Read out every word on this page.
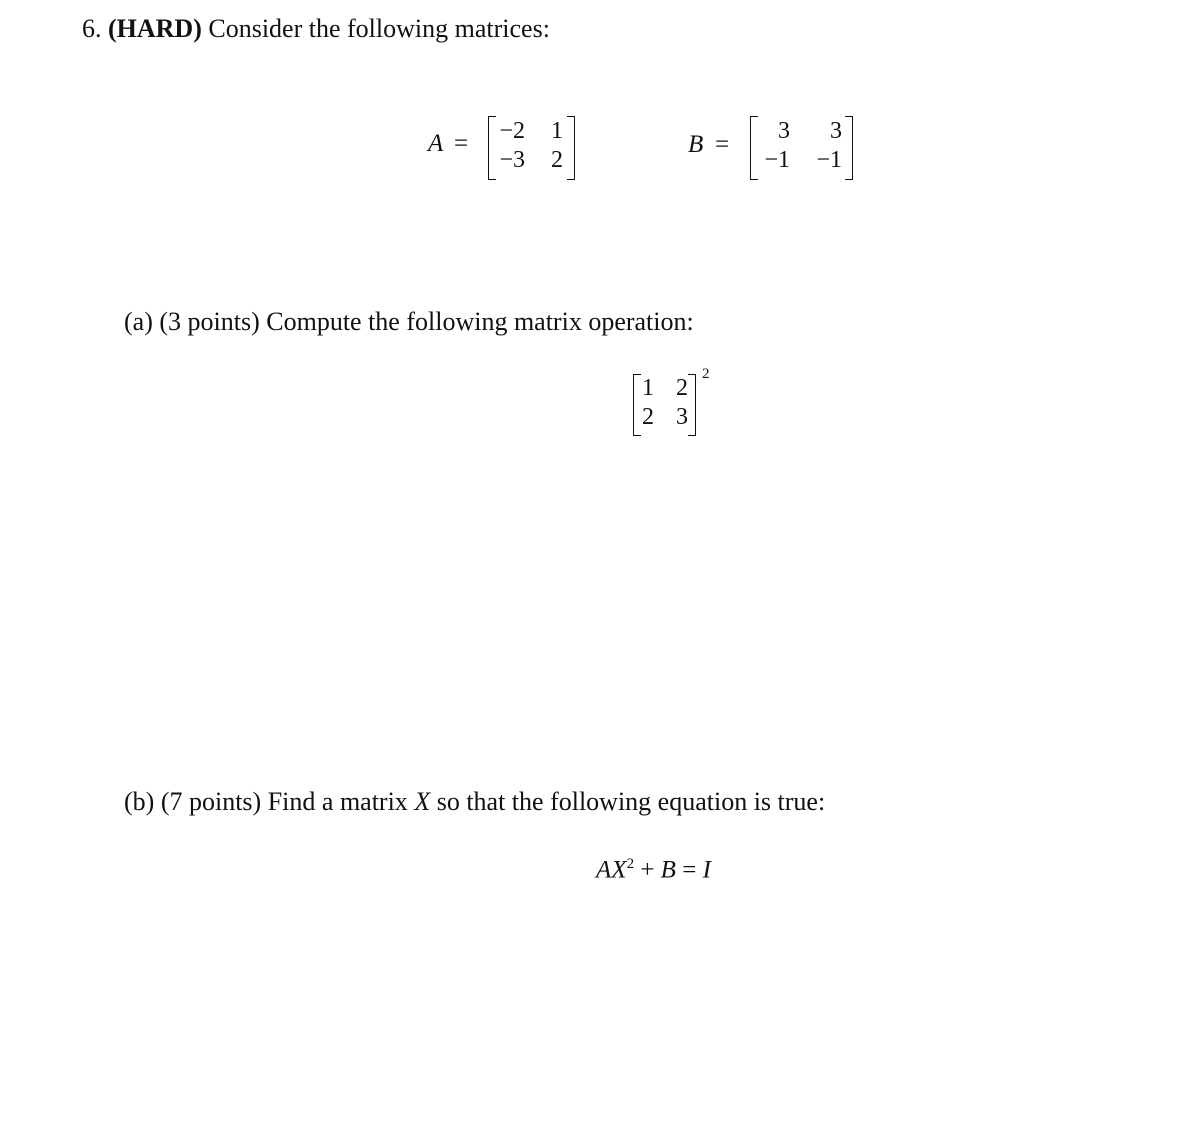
6. (HARD) Consider the following matrices:
A = −2	1
−3	2
B =	3	3
−1 −1
(a) (3 points) Compute the following matrix operation:
1 2
2 3
2
(b) (7 points) Find a matrix X so that the following equation is true:
$AX^2 + B = I$
